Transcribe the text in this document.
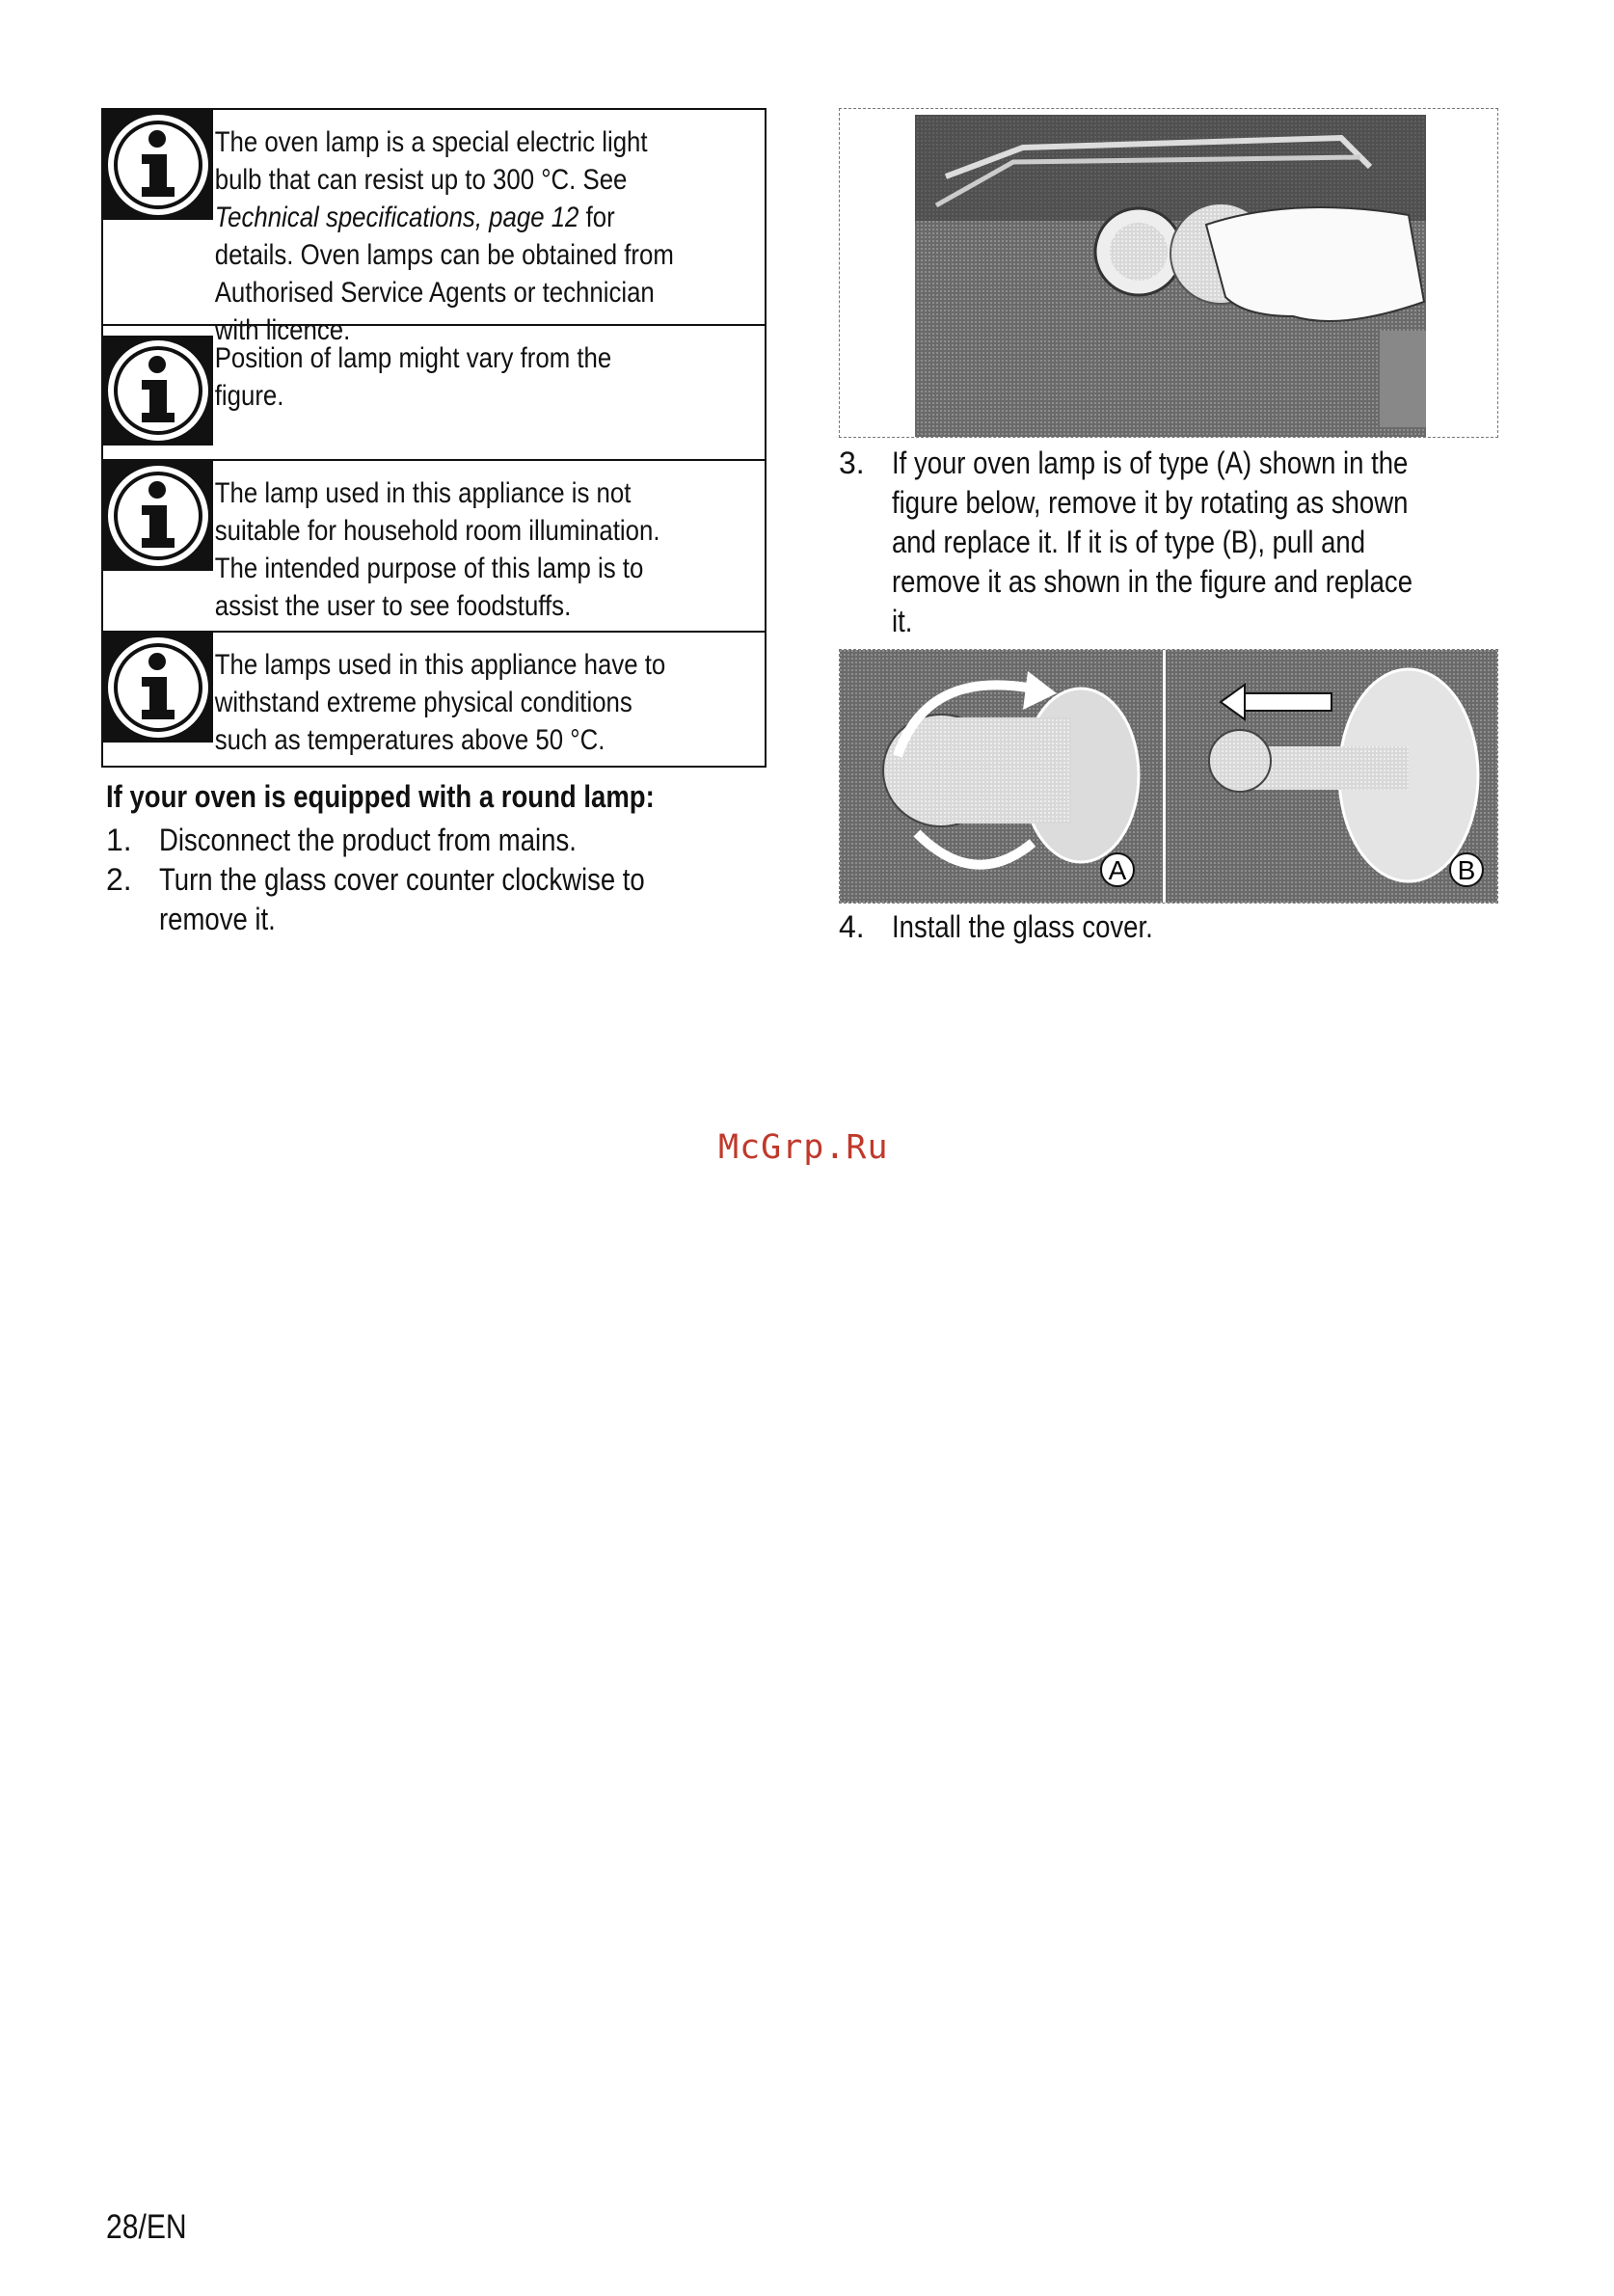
The oven lamp is a special electric light bulb that can resist up to 300 °C. See Technical specifications, page 12 for details. Oven lamps can be obtained from Authorised Service Agents or technician with licence.
Position of lamp might vary from the figure.
The lamp used in this appliance is not suitable for household room illumination. The intended purpose of this lamp is to assist the user to see foodstuffs.
The lamps used in this appliance have to withstand extreme physical conditions such as temperatures above 50 °C.
If your oven is equipped with a round lamp:
1. Disconnect the product from mains.
2. Turn the glass cover counter clockwise to remove it.
3. If your oven lamp is of type (A) shown in the figure below, remove it by rotating as shown and replace it. If it is of type (B), pull and remove it as shown in the figure and replace it.
A	B
4. Install the glass cover.
McGrp.Ru
28/EN
